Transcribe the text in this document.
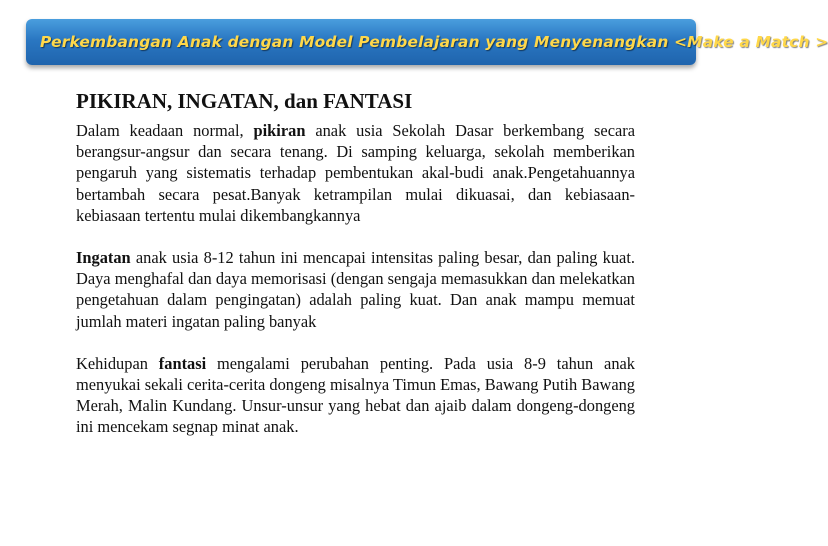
Perkembangan Anak dengan Model Pembelajaran yang Menyenangkan <Make a Match >
PIKIRAN, INGATAN, dan FANTASI

Dalam keadaan normal, pikiran anak usia Sekolah Dasar berkembang secara berangsur-angsur dan secara tenang. Di samping keluarga, sekolah memberikan pengaruh yang sistematis terhadap pembentukan akal-budi anak.Pengetahuannya bertambah secara pesat.Banyak ketrampilan mulai dikuasai, dan kebiasaan-kebiasaan tertentu mulai dikembangkannya

Ingatan anak usia 8-12 tahun ini mencapai intensitas paling besar, dan paling kuat. Daya menghafal dan daya memorisasi (dengan sengaja memasukkan dan melekatkan pengetahuan dalam pengingatan) adalah paling kuat. Dan anak mampu memuat jumlah materi ingatan paling banyak

Kehidupan fantasi mengalami perubahan penting. Pada usia 8-9 tahun anak menyukai sekali cerita-cerita dongeng misalnya Timun Emas, Bawang Putih Bawang Merah, Malin Kundang. Unsur-unsur yang hebat dan ajaib dalam dongeng-dongeng ini mencekam segnap minat anak.
